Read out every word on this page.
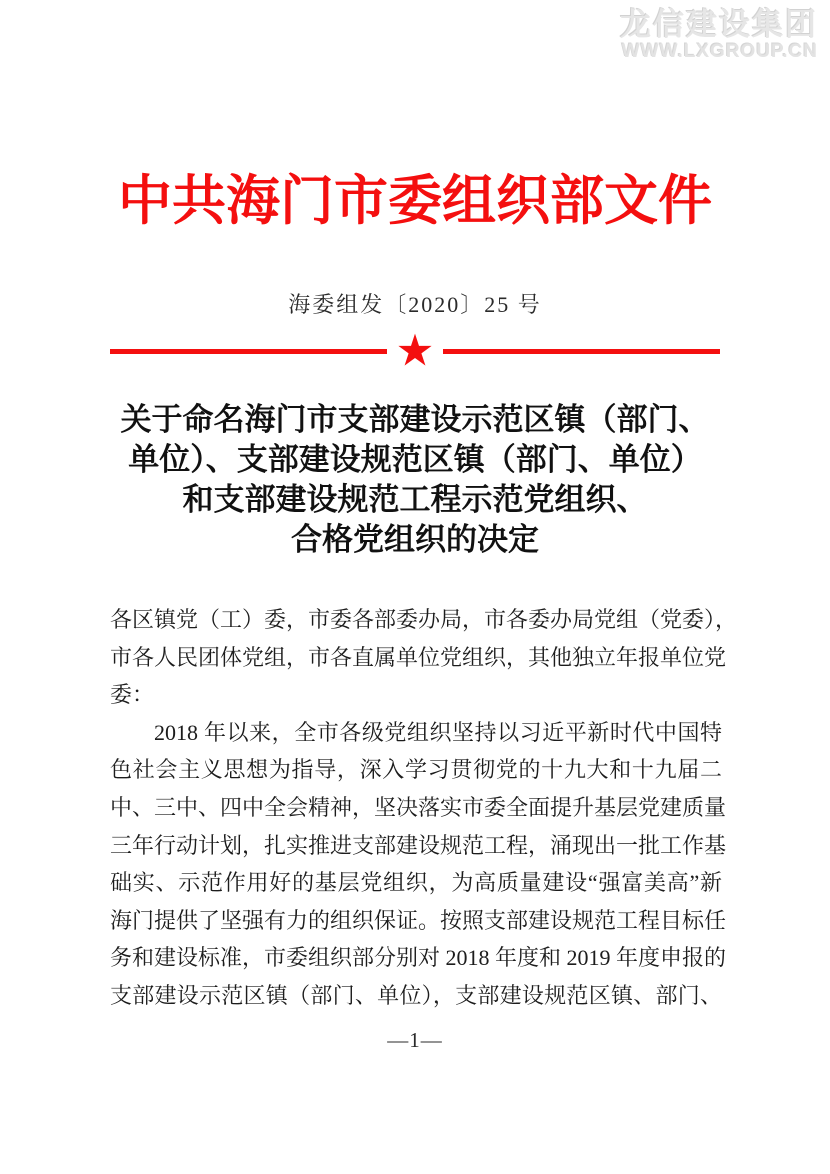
龙信建设集团
WWW.LXGROUP.CN
中共海门市委组织部文件
海委组发〔2020〕25 号
★
关于命名海门市支部建设示范区镇（部门、
单位）、支部建设规范区镇（部门、单位）
和支部建设规范工程示范党组织、
合格党组织的决定
各区镇党（工）委，市委各部委办局，市各委办局党组（党委），
市各人民团体党组，市各直属单位党组织，其他独立年报单位党
委：
2018 年以来，全市各级党组织坚持以习近平新时代中国特
色社会主义思想为指导，深入学习贯彻党的十九大和十九届二
中、三中、四中全会精神，坚决落实市委全面提升基层党建质量
三年行动计划，扎实推进支部建设规范工程，涌现出一批工作基
础实、示范作用好的基层党组织，为高质量建设“强富美高”新
海门提供了坚强有力的组织保证。按照支部建设规范工程目标任
务和建设标准，市委组织部分别对 2018 年度和 2019 年度申报的
支部建设示范区镇（部门、单位），支部建设规范区镇、部门、
—1—
